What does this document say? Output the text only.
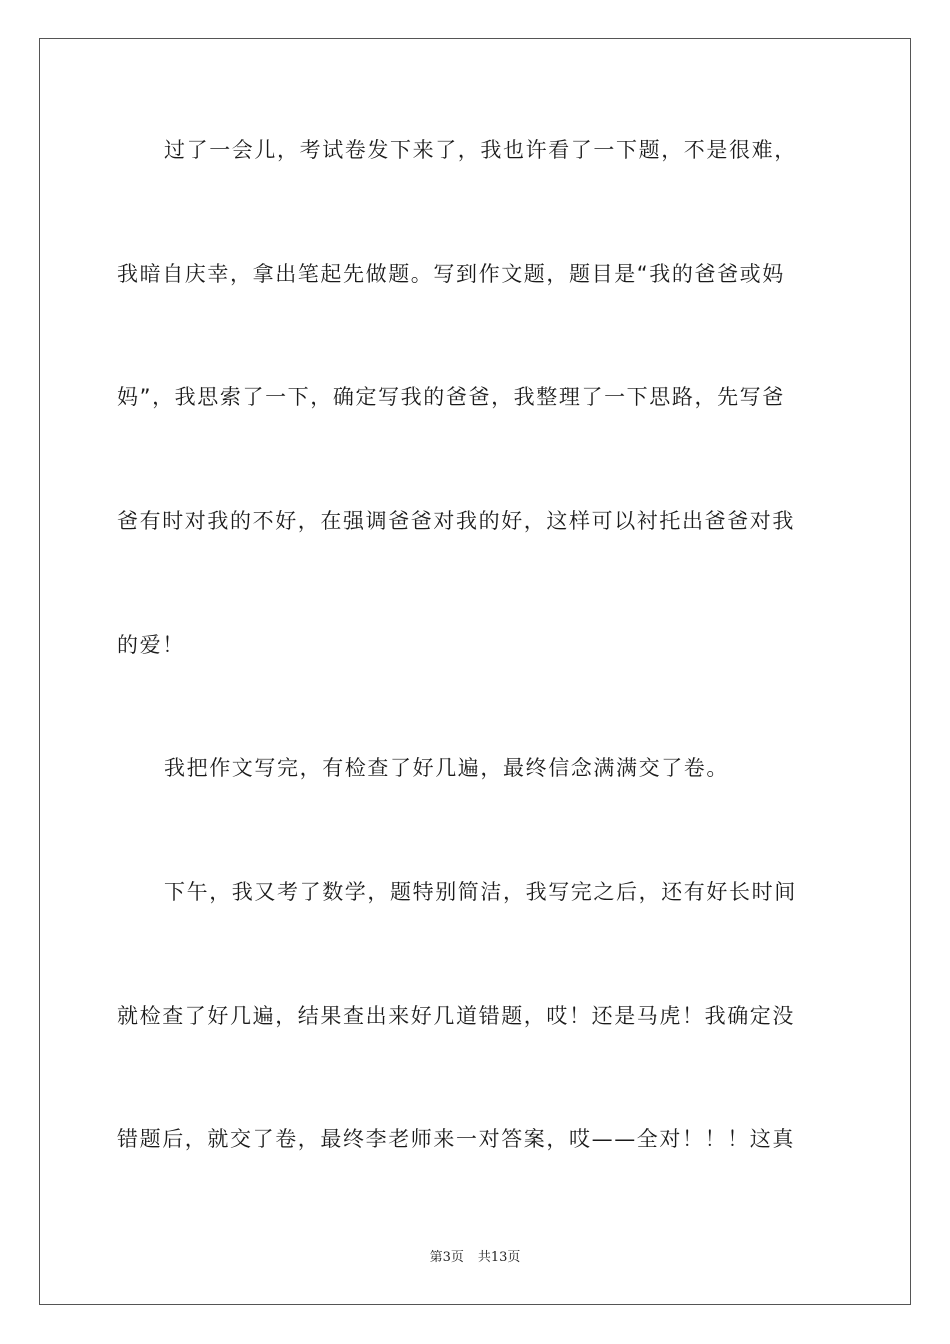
过了一会儿，考试卷发下来了，我也许看了一下题，不是很难，
我暗自庆幸，拿出笔起先做题。写到作文题，题目是“我的爸爸或妈
妈”，我思索了一下，确定写我的爸爸，我整理了一下思路，先写爸
爸有时对我的不好，在强调爸爸对我的好，这样可以衬托出爸爸对我
的爱！
我把作文写完，有检查了好几遍，最终信念满满交了卷。
下午，我又考了数学，题特别简洁，我写完之后，还有好长时间
就检查了好几遍，结果查出来好几道错题，哎！还是马虎！我确定没
错题后，就交了卷，最终李老师来一对答案，哎——全对！！！这真
第3页 共13页
